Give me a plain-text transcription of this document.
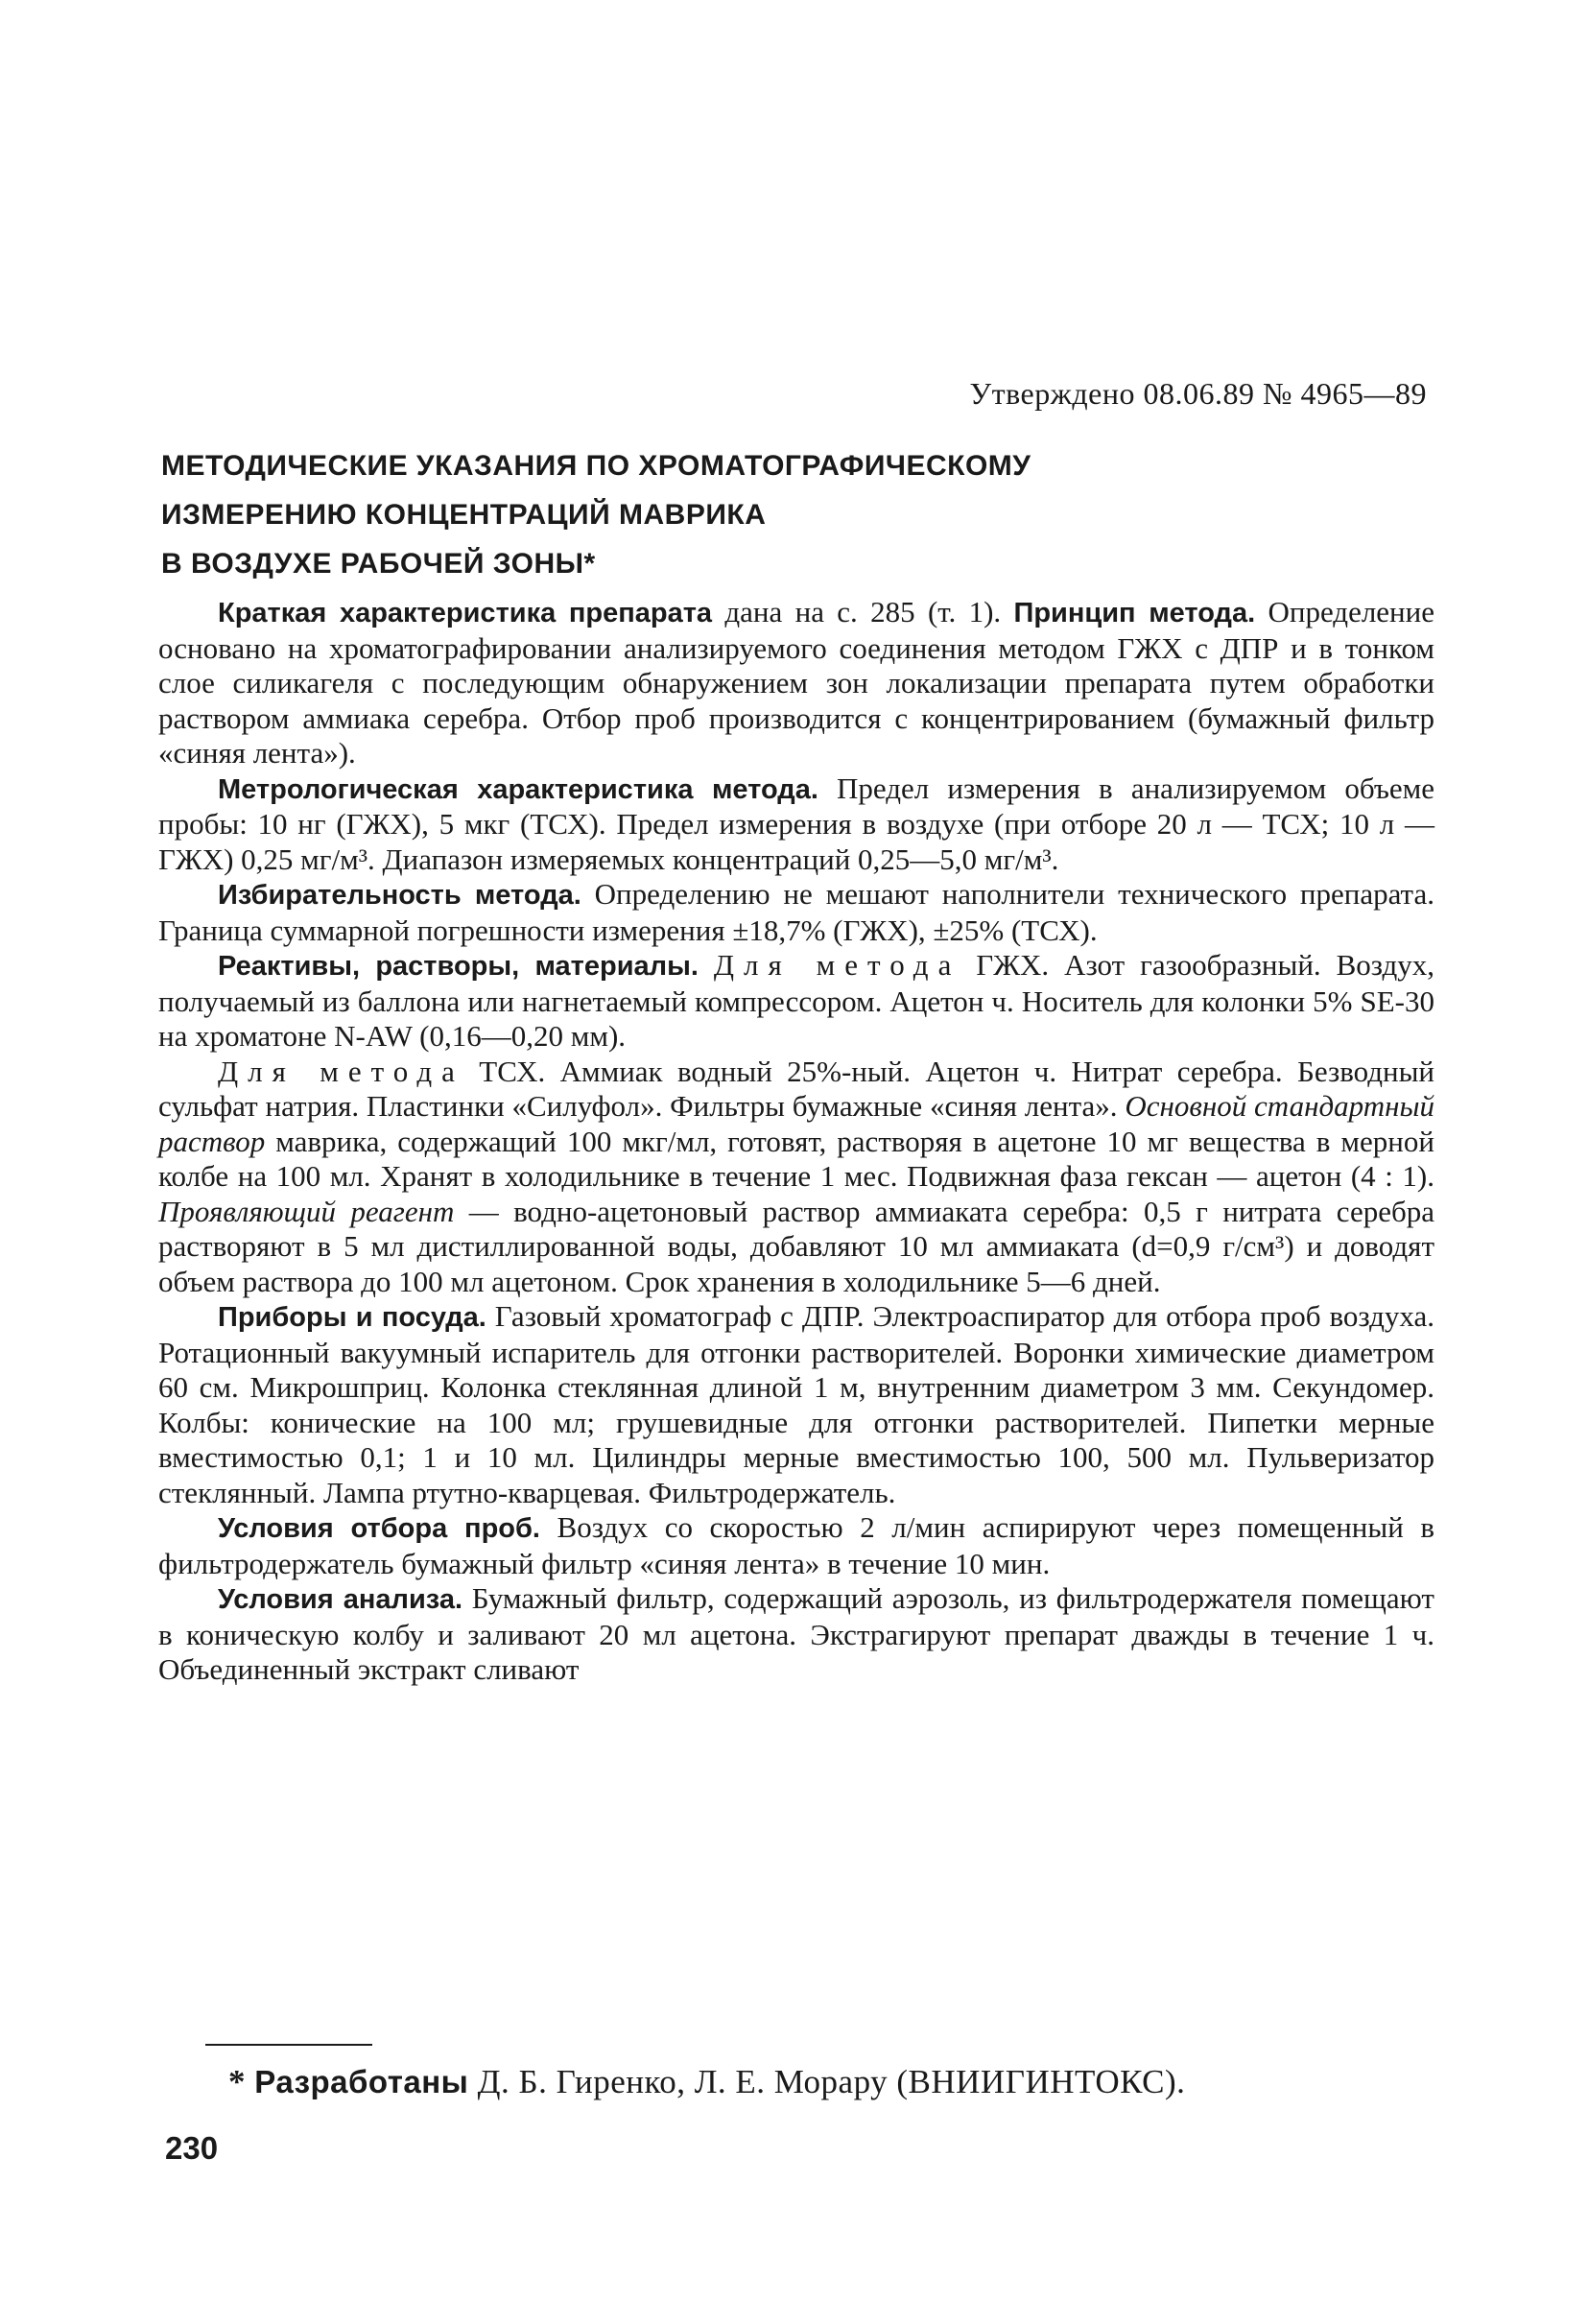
Утверждено 08.06.89 № 4965—89
МЕТОДИЧЕСКИЕ УКАЗАНИЯ ПО ХРОМАТОГРАФИЧЕСКОМУ
ИЗМЕРЕНИЮ КОНЦЕНТРАЦИЙ МАВРИКА
В ВОЗДУХЕ РАБОЧЕЙ ЗОНЫ*

Краткая характеристика препарата дана на с. 285 (т. 1). Принцип метода. Определение основано на хроматографировании анализируемого соединения методом ГЖХ с ДПР и в тонком слое силикагеля с последующим обнаружением зон локализации препарата путем обработки раствором аммиака серебра. Отбор проб производится с концентрированием (бумажный фильтр «синяя лента»).

Метрологическая характеристика метода. Предел измерения в анализируемом объеме пробы: 10 нг (ГЖХ), 5 мкг (ТСХ). Предел измерения в воздухе (при отборе 20 л — ТСХ; 10 л — ГЖХ) 0,25 мг/м³. Диапазон измеряемых концентраций 0,25—5,0 мг/м³.

Избирательность метода. Определению не мешают наполнители технического препарата. Граница суммарной погрешности измерения ±18,7% (ГЖХ), ±25% (ТСХ).

Реактивы, растворы, материалы. Для метода ГЖХ. Азот газообразный. Воздух, получаемый из баллона или нагнетаемый компрессором. Ацетон ч. Носитель для колонки 5% SE-30 на хроматоне N-AW (0,16—0,20 мм).

Для метода ТСХ. Аммиак водный 25%-ный. Ацетон ч. Нитрат серебра. Безводный сульфат натрия. Пластинки «Силуфол». Фильтры бумажные «синяя лента». Основной стандартный раствор маврика, содержащий 100 мкг/мл, готовят, растворяя в ацетоне 10 мг вещества в мерной колбе на 100 мл. Хранят в холодильнике в течение 1 мес. Подвижная фаза гексан — ацетон (4 : 1). Проявляющий реагент — водно-ацетоновый раствор аммиаката серебра: 0,5 г нитрата серебра растворяют в 5 мл дистиллированной воды, добавляют 10 мл аммиаката (d=0,9 г/см³) и доводят объем раствора до 100 мл ацетоном. Срок хранения в холодильнике 5—6 дней.

Приборы и посуда. Газовый хроматограф с ДПР. Электроаспиратор для отбора проб воздуха. Ротационный вакуумный испаритель для отгонки растворителей. Воронки химические диаметром 60 см. Микрошприц. Колонка стеклянная длиной 1 м, внутренним диаметром 3 мм. Секундомер. Колбы: конические на 100 мл; грушевидные для отгонки растворителей. Пипетки мерные вместимостью 0,1; 1 и 10 мл. Цилиндры мерные вместимостью 100, 500 мл. Пульверизатор стеклянный. Лампа ртутно-кварцевая. Фильтродержатель.

Условия отбора проб. Воздух со скоростью 2 л/мин аспирируют через помещенный в фильтродержатель бумажный фильтр «синяя лента» в течение 10 мин.

Условия анализа. Бумажный фильтр, содержащий аэрозоль, из фильтродержателя помещают в коническую колбу и заливают 20 мл ацетона. Экстрагируют препарат дважды в течение 1 ч. Объединенный экстракт сливают

* Разработаны Д. Б. Гиренко, Л. Е. Морару (ВНИИГИНТОКС).
230
